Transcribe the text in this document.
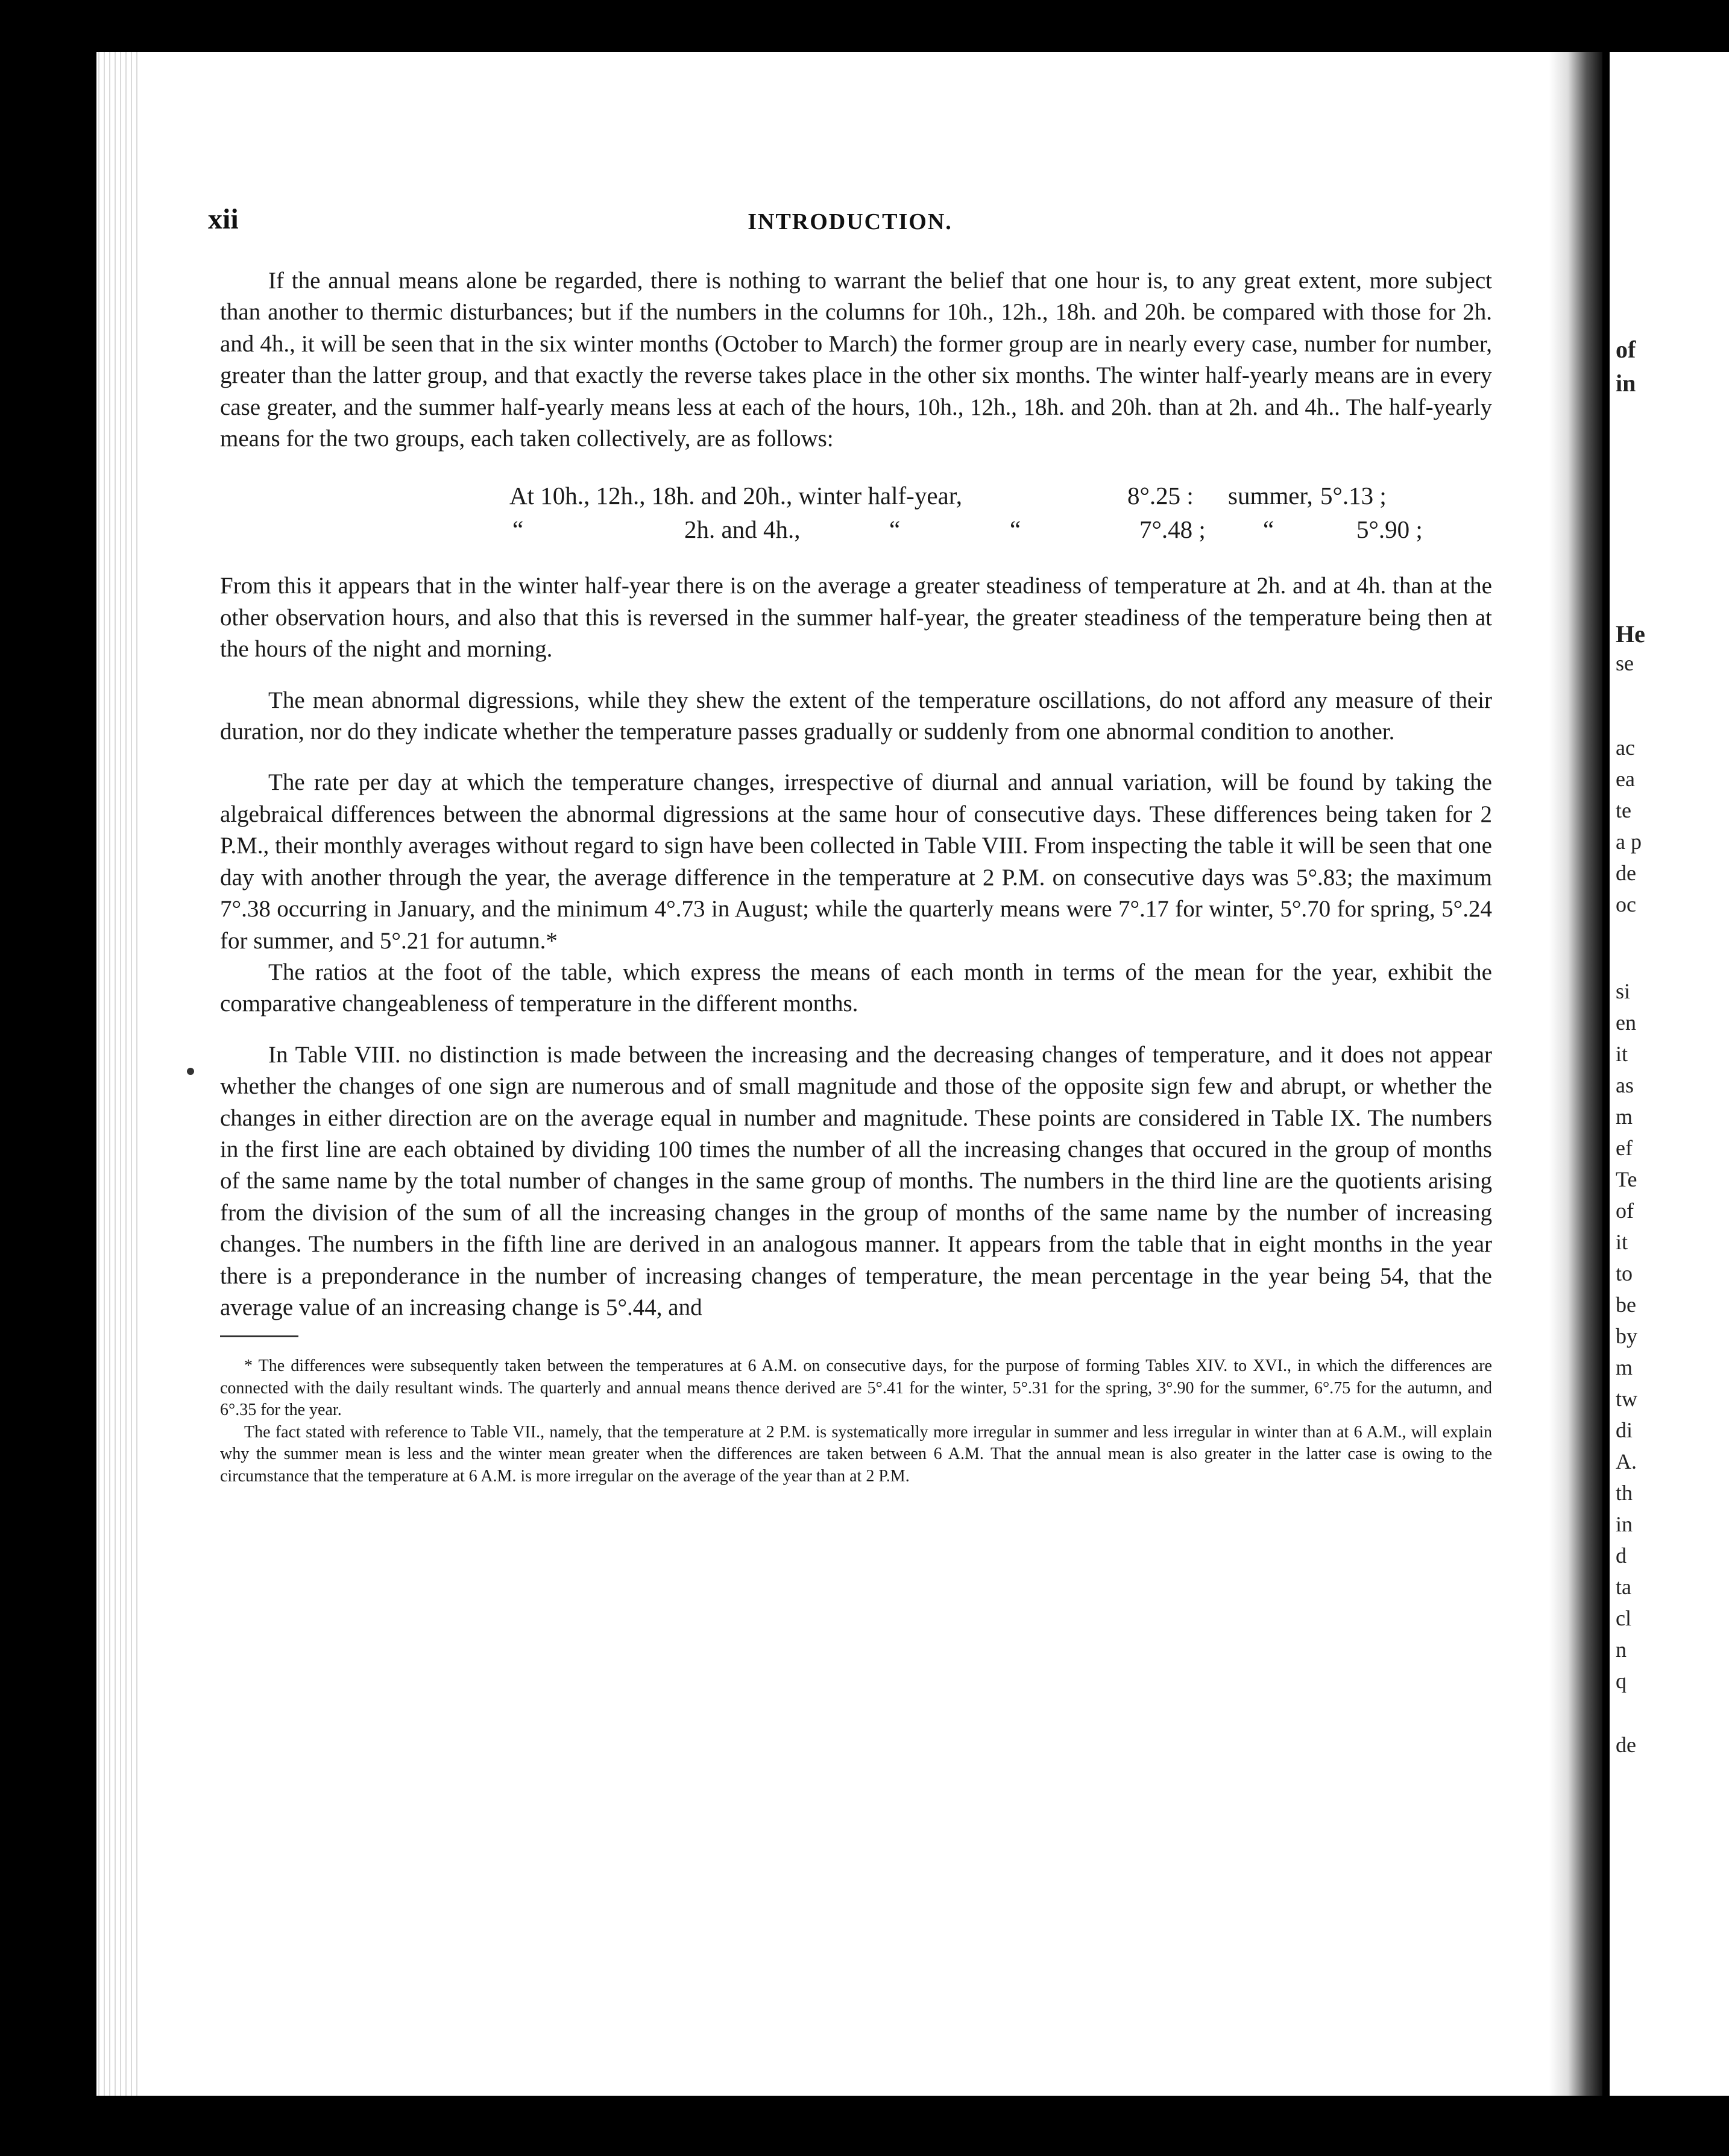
xii	INTRODUCTION.

If the annual means alone be regarded, there is nothing to warrant the belief that one hour is, to any great extent, more subject than another to thermic disturbances; but if the numbers in the columns for 10h., 12h., 18h. and 20h. be compared with those for 2h. and 4h., it will be seen that in the six winter months (October to March) the former group are in nearly every case, number for number, greater than the latter group, and that exactly the reverse takes place in the other six months. The winter half-yearly means are in every case greater, and the summer half-yearly means less at each of the hours, 10h., 12h., 18h. and 20h. than at 2h. and 4h.. The half-yearly means for the two groups, each taken collectively, are as follows:

At 10h., 12h., 18h. and 20h., winter half-year,	8°.25 : summer, 5°.13 ;
“	2h. and 4h.,	“	“	7°.48 ; “	5°.90 ;

From this it appears that in the winter half-year there is on the average a greater steadiness of temperature at 2h. and at 4h. than at the other observation hours, and also that this is reversed in the summer half-year, the greater steadiness of the temperature being then at the hours of the night and morning.

The mean abnormal digressions, while they shew the extent of the temperature oscillations, do not afford any measure of their duration, nor do they indicate whether the temperature passes gradually or suddenly from one abnormal condition to another.

The rate per day at which the temperature changes, irrespective of diurnal and annual variation, will be found by taking the algebraical differences between the abnormal digressions at the same hour of consecutive days. These differences being taken for 2 P.M., their monthly averages without regard to sign have been collected in Table VIII. From inspecting the table it will be seen that one day with another through the year, the average difference in the temperature at 2 P.M. on consecutive days was 5°.83; the maximum 7°.38 occurring in January, and the minimum 4°.73 in August; while the quarterly means were 7°.17 for winter, 5°.70 for spring, 5°.24 for summer, and 5°.21 for autumn.*

The ratios at the foot of the table, which express the means of each month in terms of the mean for the year, exhibit the comparative changeableness of temperature in the different months.

In Table VIII. no distinction is made between the increasing and the decreasing changes of temperature, and it does not appear whether the changes of one sign are numerous and of small magnitude and those of the opposite sign few and abrupt, or whether the changes in either direction are on the average equal in number and magnitude. These points are considered in Table IX. The numbers in the first line are each obtained by dividing 100 times the number of all the increasing changes that occured in the group of months of the same name by the total number of changes in the same group of months. The numbers in the third line are the quotients arising from the division of the sum of all the increasing changes in the group of months of the same name by the number of increasing changes. The numbers in the fifth line are derived in an analogous manner. It appears from the table that in eight months in the year there is a preponderance in the number of increasing changes of temperature, the mean percentage in the year being 54, that the average value of an increasing change is 5°.44, and

* The differences were subsequently taken between the temperatures at 6 A.M. on consecutive days, for the purpose of forming Tables XIV. to XVI., in which the differences are connected with the daily resultant winds. The quarterly and annual means thence derived are 5°.41 for the winter, 5°.31 for the spring, 3°.90 for the summer, 6°.75 for the autumn, and 6°.35 for the year.

The fact stated with reference to Table VII., namely, that the temperature at 2 P.M. is systematically more irregular in summer and less irregular in winter than at 6 A.M., will explain why the summer mean is less and the winter mean greater when the differences are taken between 6 A.M. That the annual mean is also greater in the latter case is owing to the circumstance that the temperature at 6 A.M. is more irregular on the average of the year than at 2 P.M.

of
in
He
se
ac
ea
te
a p
de
oc
si
en
it
as
m
ef
Te
of
it
to
be
by
m
tw
di
A.
th
in
d
ta
cl
n
q
de
